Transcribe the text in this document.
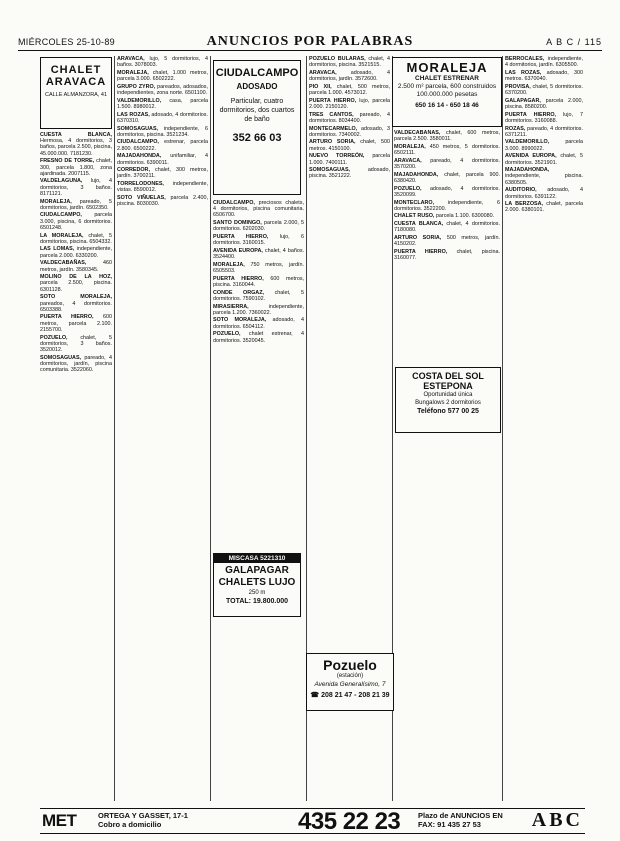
MIÉRCOLES 25-10-89	ANUNCIOS POR PALABRAS	A B C / 115

CUESTA BLANCA, Hermosa, 4 dormitorios, 3 baños, parcela 2.500, piscina, 45.000.000. 7181230.

FRESNO DE TORRE, chalet, 300, parcela 1.800, zona ajardinada. 2007115.

VALDELAGUNA, lujo, 4 dormitorios, 3 baños. 8171121.

MORALEJA, pareado, 5 dormitorios, jardín. 6502350.

CIUDALCAMPO, parcela 3.000, piscina, 6 dormitorios. 6501248.

LA MORALEJA, chalet, 5 dormitorios, piscina. 6504332.

LAS LOMAS, independiente, parcela 2.000. 6330200.

VALDECABAÑAS,	460 metros, jardín. 3580345.

MOLINO DE LA HOZ, parcela 2.500, piscina. 6301128.

SOTO MORALEJA, pareados, 4 dormitorios. 6503388.

PUERTA HIERRO, 600 metros, parcela 2.100. 2155700.

POZUELO, chalet, 5 dormitorios, 3 baños. 3520012.

SOMOSAGUAS, pareado, 4 dormitorios, jardín, piscina comunitaria. 3522060.

ARAVACA, lujo, 5 dormitorios, 4 baños. 3078003.

MORALEJA, chalet, 1.000 metros, parcela 3.000. 6502222.

GRUPO ZYRO, pareados, adosados, independientes, zona norte. 6501100.

VALDEMORILLO, casa, parcela 1.500. 8980012.

LAS ROZAS, adosado, 4 dormitorios. 6370310.

SOMOSAGUAS, independiente, 6 dormitorios, piscina. 3521234.

CIUDALCAMPO, estrenar, parcela 2.800. 6500222.

MAJADAHONDA, unifamiliar, 4 dormitorios. 6390011.

CORREDOR, chalet, 300 metros, jardín. 3700211.

TORRELODONES, independiente, vistas. 8590012.

SOTO VIÑUELAS, parcela 2.400, piscina. 8030030.	CIUDALCAMPO, preciosos chalets, 4 dormitorios, piscina comunitaria. 6506700.

SANTO DOMINGO, parcela 2.000, 5 dormitorios. 6202030.

PUERTA HIERRO, lujo, 6 dormitorios. 3160015.

AVENIDA EUROPA, chalet, 4 baños. 3524400.

MORALEJA, 750 metros, jardín. 6505503.

PUERTA HIERRO, 600 metros, piscina. 3160044.

CONDE ORGAZ, chalet, 5 dormitorios. 7590102.

MIRASIERRA,	independiente, parcela 1.200. 7360022.

SOTO MORALEJA, adosado, 4 dormitorios. 6504112.

POZUELO, chalet estrenar, 4 dormitorios. 3520045.

POZUELO BULARAS, chalet, 4 dormitorios, piscina. 3521515.

ARAVACA,	adosado, 4 dormitorios, jardín. 3572600.

PIO XII, chalet, 500 metros, parcela 1.000. 4573012.

PUERTA HIERRO, lujo, parcela 2.000. 2150120.

TRES CANTOS, pareado, 4 dormitorios. 8034400.

MONTECARMELO, adosado, 3 dormitorios. 7340002.

ARTURO SORIA, chalet, 500 metros. 4150100.

NUEVO TORREÓN, parcela 1.000. 7400111.

SOMOSAGUAS,	adosado, piscina. 3521222.

VALDECABAÑAS, chalet, 600 metros, parcela 2.500. 3580011.

MORALEJA, 450 metros, 5 dormitorios. 6502111.

ARAVACA, pareado, 4 dormitorios. 3570200.

MAJADAHONDA, chalet, parcela 900. 6380420.

POZUELO, adosado, 4 dormitorios. 3520099.

MONTECLARO,	independiente, 6 dormitorios. 3522200.

CHALET RUSO, parcela 1.100. 6300080.

CUESTA BLANCA, chalet, 4 dormitorios. 7180080.

ARTURO SORIA, 500 metros, jardín. 4150202.

PUERTA HIERRO, chalet, piscina. 3160077.

BERROCALES, independiente, 4 dormitorios, jardín. 6305500.

LAS ROZAS, adosado, 300 metros. 6370040.

PROVISA, chalet, 5 dormitorios. 6370200.

GALAPAGAR, parcela 2.000, piscina. 8580200.

PUERTA HIERRO, lujo, 7 dormitorios. 3160088.

ROZAS, pareado, 4 dormitorios. 6371211.

VALDEMORILLO,	parcela 3.000. 8990022.

AVENIDA EUROPA, chalet, 5 dormitorios. 3521901.

MAJADAHONDA, independiente, piscina. 6380505.

AUDITORIO, adosado, 4 dormitorios. 6391122.

LA BERZOSA, chalet, parcela 2.000. 6380101.

CHALET
ARAVACA
CALLE ALMANZORA, 41
CIUDALCAMPO
ADOSADO
Particular, cuatro dormitorios, dos cuartos de baño
352 66 03
MORALEJA
CHALET ESTRENAR
2.500 m² parcela, 600 construidos
100.000.000 pesetas
650 16 14 - 650 18 46
COSTA DEL SOL
ESTEPONA
Oportunidad única
Bungalows 2 dormitorios
Teléfono 577 00 25
MISCASA 5221310
GALAPAGAR
CHALETS LUJO
250 m
TOTAL: 19.800.000
Pozuelo
(estación)
Avenida Generalísimo, 7
☎ 208 21 47 - 208 21 39
MET	ORTEGA Y GASSET, 17-1
Cobro a domicilio	435 22 23 Plazo de ANUNCIOS EN
FAX: 91 435 27 53	ABC
